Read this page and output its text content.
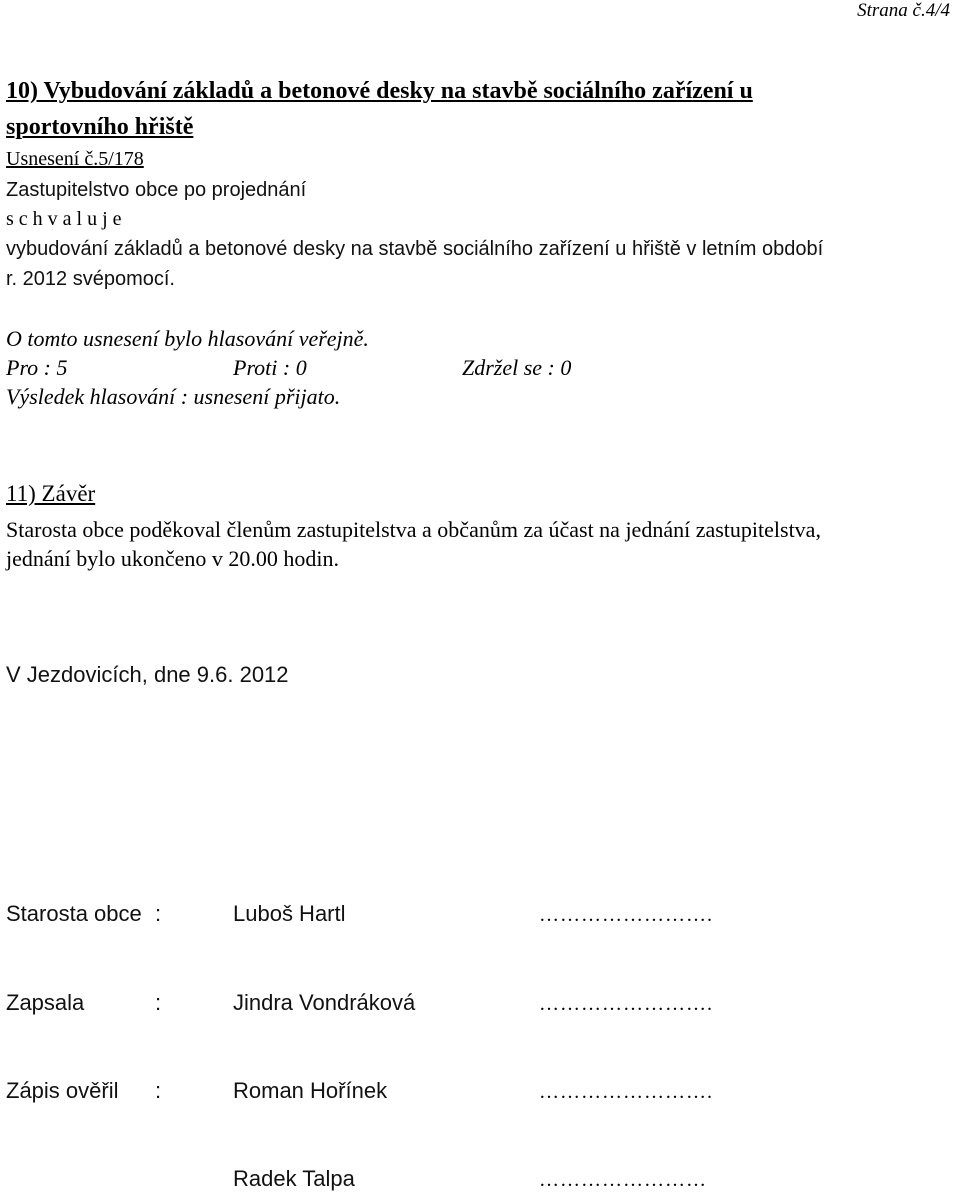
Strana č.4/4
10) Vybudování základů a betonové desky na stavbě sociálního zařízení u
sportovního hřiště
Usnesení č.5/178
Zastupitelstvo obce po projednání
s c h v a l u j e
vybudování základů a betonové desky na stavbě sociálního zařízení u hřiště v letním období
r. 2012 svépomocí.
O tomto usnesení bylo hlasování veřejně.
Pro : 5	Proti : 0	Zdržel se : 0
Výsledek hlasování : usnesení přijato.
11) Závěr
Starosta obce poděkoval členům zastupitelstva a občanům za účast na jednání zastupitelstva,
jednání bylo ukončeno v 20.00 hodin.
V Jezdovicích, dne 9.6. 2012
Starosta obce :	Luboš Hartl	…………………….
Zapsala	:	Jindra Vondráková	…………………….
Zápis ověřil :	Roman Hořínek	…………………….
Radek Talpa	……………………
